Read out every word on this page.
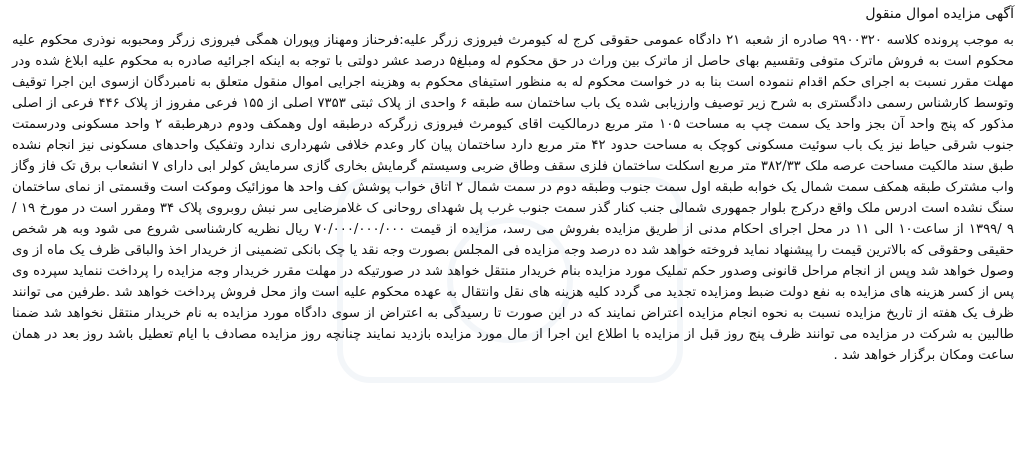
آگهی مزایده اموال منقول

به موجب پرونده کلاسه ۹۹۰۰۳۲۰ صادره از شعبه ۲۱ دادگاه عمومی حقوقی کرج له کیومرث فیروزی زرگر علیه:فرحناز ومهناز وپوران همگی فیروزی زرگر ومحبوبه نوذری محکوم علیه محکوم است به فروش ماترک متوفی وتقسیم بهای حاصل از ماترک بین وراث در حق محکوم له ومبلغ۵ درصد عشر دولتی با توجه به اینکه اجرائیه صادره به محکوم علیه ابلاغ شده ودر مهلت مقرر نسبت به اجرای حکم اقدام ننموده است بنا به در خواست محکوم له به منظور استیفای محکوم به وهزینه اجرایی اموال منقول متعلق به نامبردگان ازسوی این اجرا توقیف وتوسط کارشناس رسمی دادگستری به شرح زیر توصیف وارزیابی شده یک باب ساختمان سه طبقه ۶ واحدی از پلاک ثبتی ۷۳۵۳ اصلی از ۱۵۵ فرعی مفروز از پلاک ۴۴۶ فرعی از اصلی مذکور که پنج واحد آن بجز واحد یک سمت چپ به مساحت ۱۰۵ متر مربع درمالکیت اقای کیومرث فیروزی زرگرکه درطبقه اول وهمکف ودوم درهرطبقه ۲ واحد مسکونی ودرسمتت جنوب شرقی حیاط نیز یک باب سوئیت مسکونی کوچک به مساحت حدود ۴۲ متر مربع دارد ساختمان پیان کار وعدم خلافی شهرداری ندارد وتفکیک واحدهای مسکونی نیز انجام نشده طبق سند مالکیت مساحت عرصه ملک ۳۸۲/۳۳ متر مربع اسکلت ساختمان فلزی سقف وطاق ضربی وسیستم گرمایش بخاری گازی سرمایش کولر ابی دارای ۷ انشعاب برق تک فاز وگاز واب مشترک طبقه همکف سمت شمال یک خوابه طبقه اول سمت جنوب وطبقه دوم در سمت شمال ۲ اتاق خواب پوشش کف واحد ها موزائیک وموکت است وقسمتی از نمای ساختمان سنگ نشده است ادرس ملک واقع درکرج بلوار جمهوری شمالی جنب کنار گذر سمت جنوب غرب پل شهدای روحانی ک غلامرضایی سر نبش روبروی پلاک ۳۴ ومقرر است در مورخ ۱۹ / ۹ /۱۳۹۹ از ساعت۱۰ الی ۱۱ در محل اجرای احکام مدنی از طریق مزایده بفروش می رسد، مزایده از قیمت ۷۰/۰۰۰/۰۰۰/۰۰۰ ریال نظریه کارشناسی شروع می شود وبه هر شخص حقیقی وحقوقی که بالاترین قیمت را پیشنهاد نماید فروخته خواهد شد ده درصد وجه مزایده فی المجلس بصورت وجه نقد یا چک بانکی تضمینی از خریدار اخذ والباقی ظرف یک ماه از وی وصول خواهد شد وپس از انجام مراحل قانونی وصدور حکم تملیک مورد مزایده بنام خریدار منتقل خواهد شد در صورتیکه در مهلت مقرر خریدار وجه مزایده را پرداخت ننماید سپرده وی پس از کسر هزینه های مزایده به نفع دولت ضبط ومزایده تجدید می گردد کلیه هزینه های نقل وانتقال به عهده محکوم علیه است واز محل فروش پرداخت خواهد شد .طرفین می توانند ظرف یک هفته از تاریخ مزایده نسبت به نحوه انجام مزایده اعتراض نمایند که در این صورت تا رسیدگی به اعتراض از سوی دادگاه مورد مزایده به نام خریدار منتقل نخواهد شد ضمنا طالبین به شرکت در مزایده می توانند ظرف پنج روز قبل از مزایده با اطلاع این اجرا از مال مورد مزایده بازدید نمایند چنانچه روز مزایده مصادف با ایام تعطیل باشد روز بعد در همان ساعت ومکان برگزار خواهد شد .
